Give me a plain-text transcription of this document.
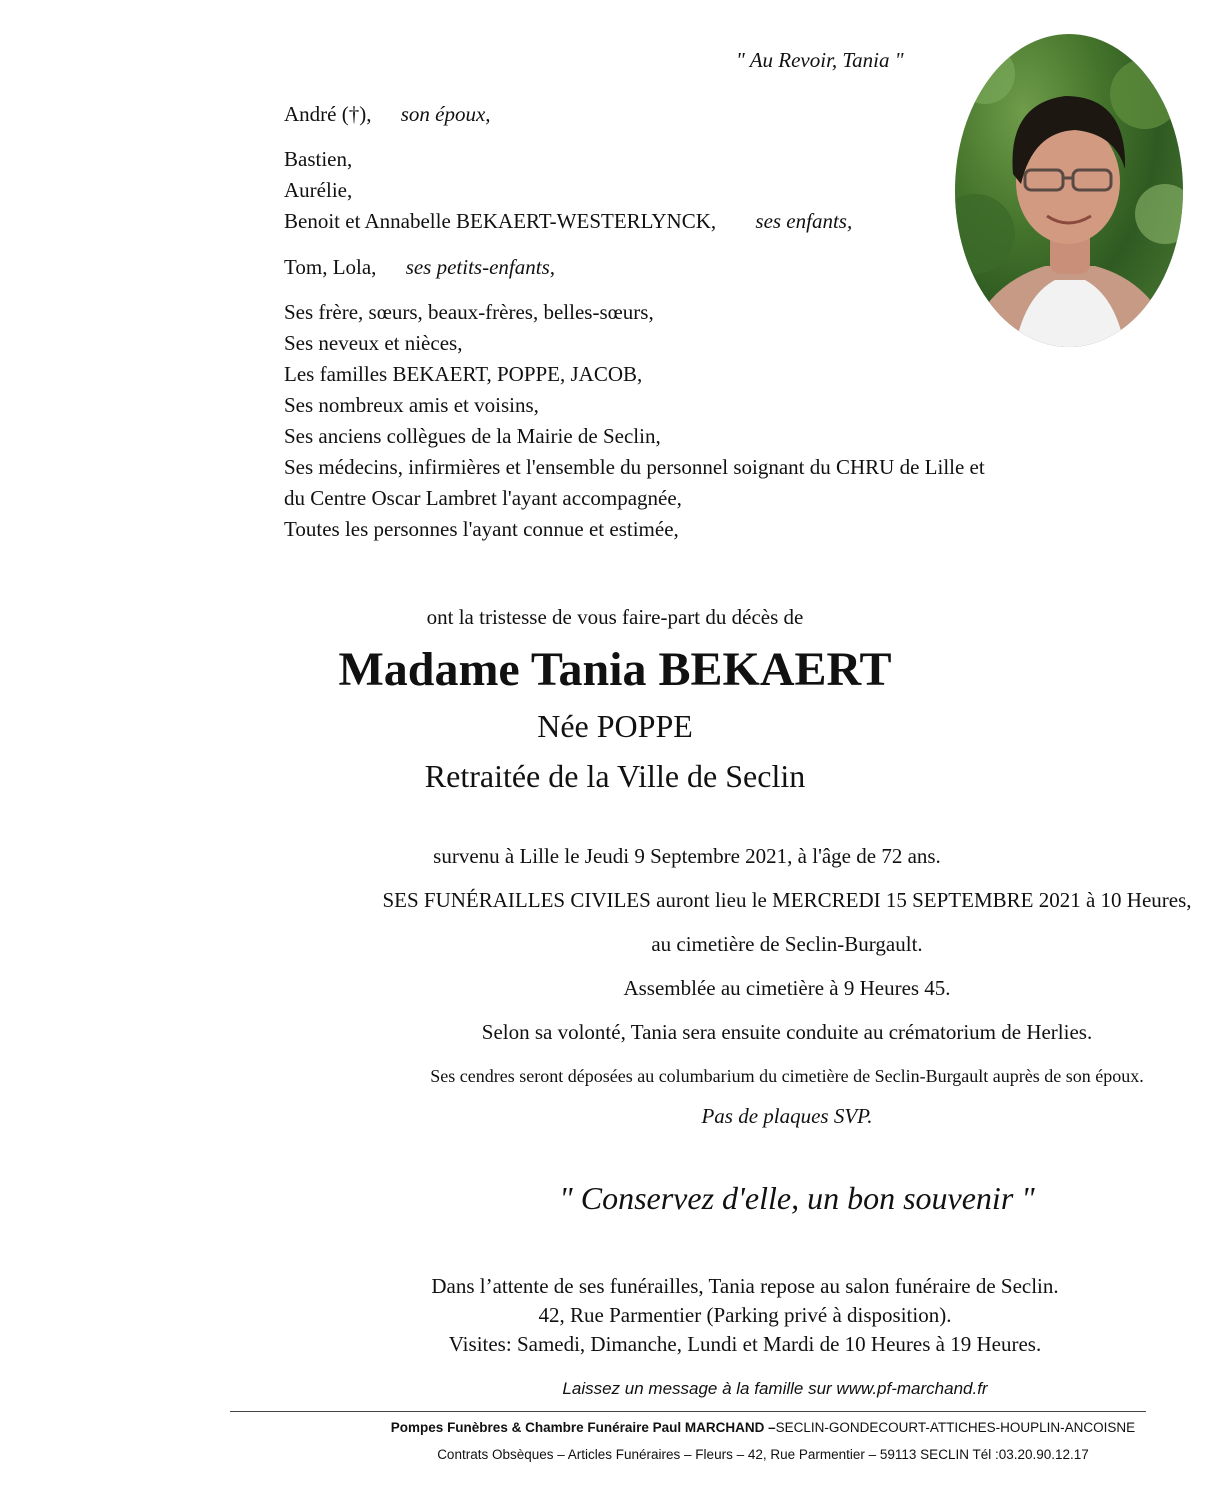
" Au Revoir, Tania "
André (†), son époux,
Bastien,
Aurélie,
Benoit et Annabelle BEKAERT-WESTERLYNCK, ses enfants,
Tom, Lola, ses petits-enfants,
Ses frère, sœurs, beaux-frères, belles-sœurs,
Ses neveux et nièces,
Les familles BEKAERT, POPPE, JACOB,
Ses nombreux amis et voisins,
Ses anciens collègues de la Mairie de Seclin,
Ses médecins, infirmières et l'ensemble du personnel soignant du CHRU de Lille et
du Centre Oscar Lambret l'ayant accompagnée,
Toutes les personnes l'ayant connue et estimée,
ont la tristesse de vous faire-part du décès de
Madame Tania BEKAERT
Née POPPE
Retraitée de la Ville de Seclin
survenu à Lille le Jeudi 9 Septembre 2021, à l'âge de 72 ans.
SES FUNÉRAILLES CIVILES auront lieu le MERCREDI 15 SEPTEMBRE 2021 à 10 Heures,
au cimetière de Seclin-Burgault.
Assemblée au cimetière à 9 Heures 45.
Selon sa volonté, Tania sera ensuite conduite au crématorium de Herlies.
Ses cendres seront déposées au columbarium du cimetière de Seclin-Burgault auprès de son époux.
Pas de plaques SVP.
" Conservez d'elle, un bon souvenir "
Dans l’attente de ses funérailles, Tania repose au salon funéraire de Seclin.
42, Rue Parmentier (Parking privé à disposition).
Visites: Samedi, Dimanche, Lundi et Mardi de 10 Heures à 19 Heures.
Laissez un message à la famille sur www.pf-marchand.fr
Pompes Funèbres & Chambre Funéraire Paul MARCHAND –SECLIN-GONDECOURT-ATTICHES-HOUPLIN-ANCOISNE
Contrats Obsèques – Articles Funéraires – Fleurs – 42, Rue Parmentier – 59113 SECLIN Tél :03.20.90.12.17
